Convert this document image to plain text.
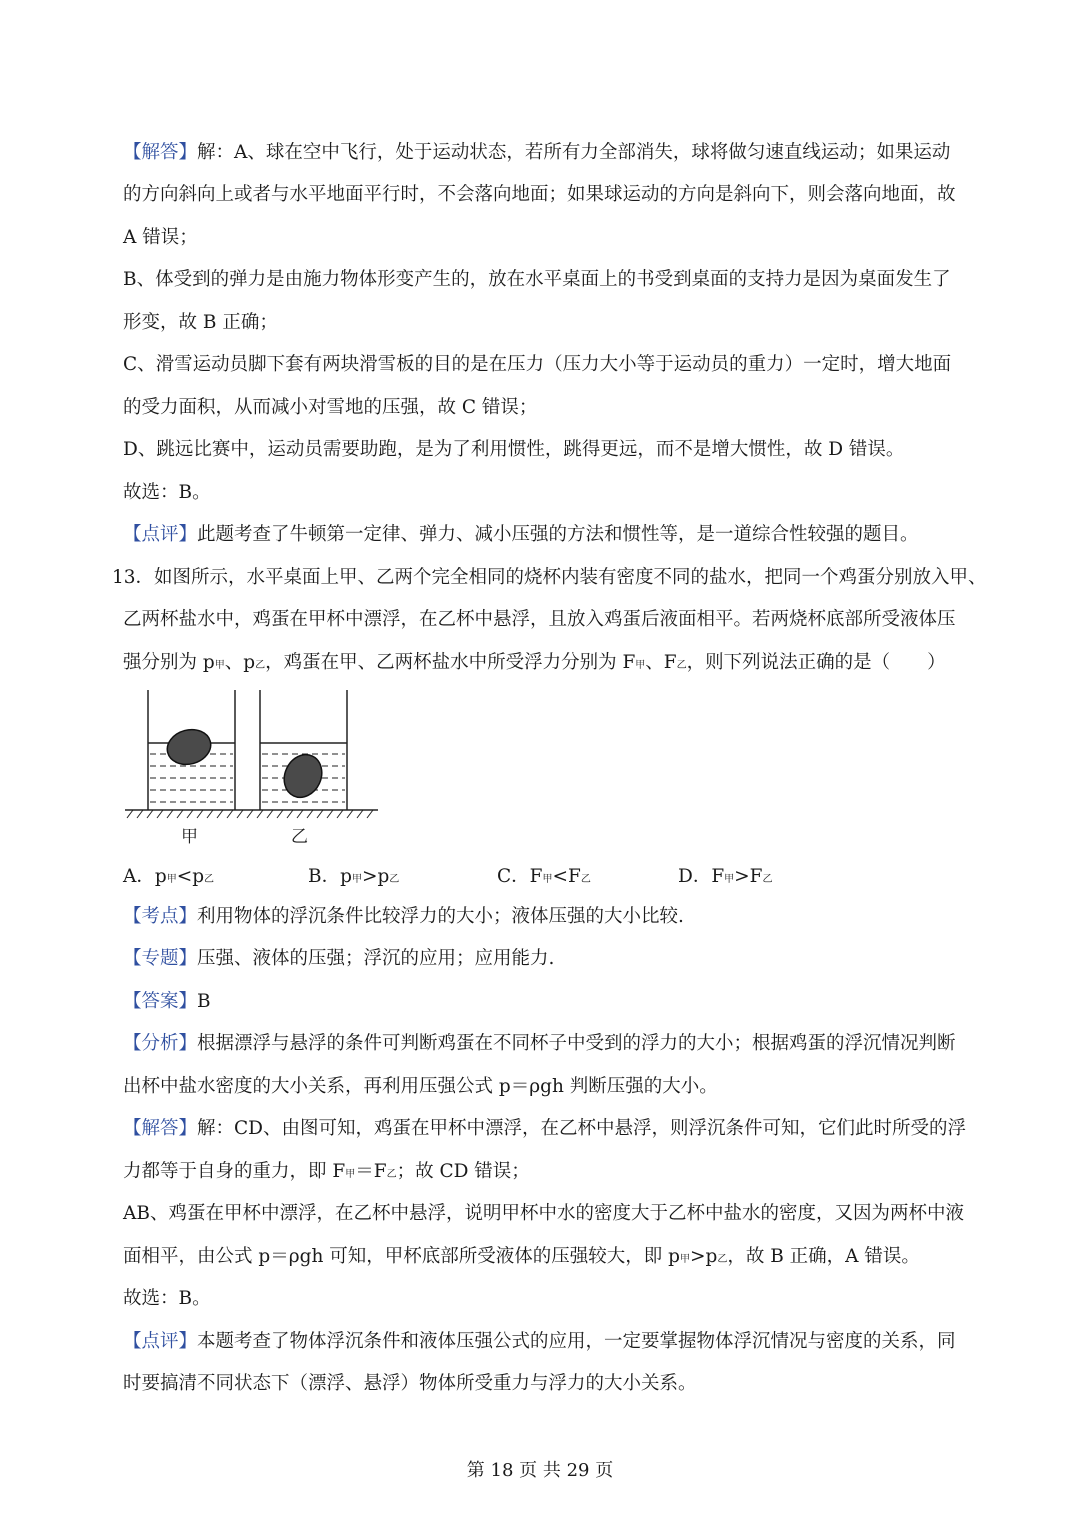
【解答】解：A、球在空中飞行，处于运动状态，若所有力全部消失，球将做匀速直线运动；如果运动
的方向斜向上或者与水平地面平行时，不会落向地面；如果球运动的方向是斜向下，则会落向地面，故
A 错误；
B、体受到的弹力是由施力物体形变产生的，放在水平桌面上的书受到桌面的支持力是因为桌面发生了
形变，故 B 正确；
C、滑雪运动员脚下套有两块滑雪板的目的是在压力（压力大小等于运动员的重力）一定时，增大地面
的受力面积，从而减小对雪地的压强，故 C 错误；
D、跳远比赛中，运动员需要助跑，是为了利用惯性，跳得更远，而不是增大惯性，故 D 错误。
故选：B。
【点评】此题考查了牛顿第一定律、弹力、减小压强的方法和惯性等，是一道综合性较强的题目。
13．如图所示，水平桌面上甲、乙两个完全相同的烧杯内装有密度不同的盐水，把同一个鸡蛋分别放入甲、
乙两杯盐水中，鸡蛋在甲杯中漂浮，在乙杯中悬浮，且放入鸡蛋后液面相平。若两烧杯底部所受液体压
强分别为 p甲、p乙，鸡蛋在甲、乙两杯盐水中所受浮力分别为 F甲、F乙，则下列说法正确的是（　　）
甲	乙
A．p甲<p乙	B．p甲>p乙	C．F甲<F乙	D．F甲>F乙
【考点】利用物体的浮沉条件比较浮力的大小；液体压强的大小比较.
【专题】压强、液体的压强；浮沉的应用；应用能力.
【答案】B
【分析】根据漂浮与悬浮的条件可判断鸡蛋在不同杯子中受到的浮力的大小；根据鸡蛋的浮沉情况判断
出杯中盐水密度的大小关系，再利用压强公式 p＝ρgh 判断压强的大小。
【解答】解：CD、由图可知，鸡蛋在甲杯中漂浮，在乙杯中悬浮，则浮沉条件可知，它们此时所受的浮
力都等于自身的重力，即 F甲＝F乙；故 CD 错误；
AB、鸡蛋在甲杯中漂浮，在乙杯中悬浮，说明甲杯中水的密度大于乙杯中盐水的密度，又因为两杯中液
面相平，由公式 p＝ρgh 可知，甲杯底部所受液体的压强较大，即 p甲>p乙，故 B 正确，A 错误。
故选：B。
【点评】本题考查了物体浮沉条件和液体压强公式的应用，一定要掌握物体浮沉情况与密度的关系，同
时要搞清不同状态下（漂浮、悬浮）物体所受重力与浮力的大小关系。
第 18 页 共 29 页
